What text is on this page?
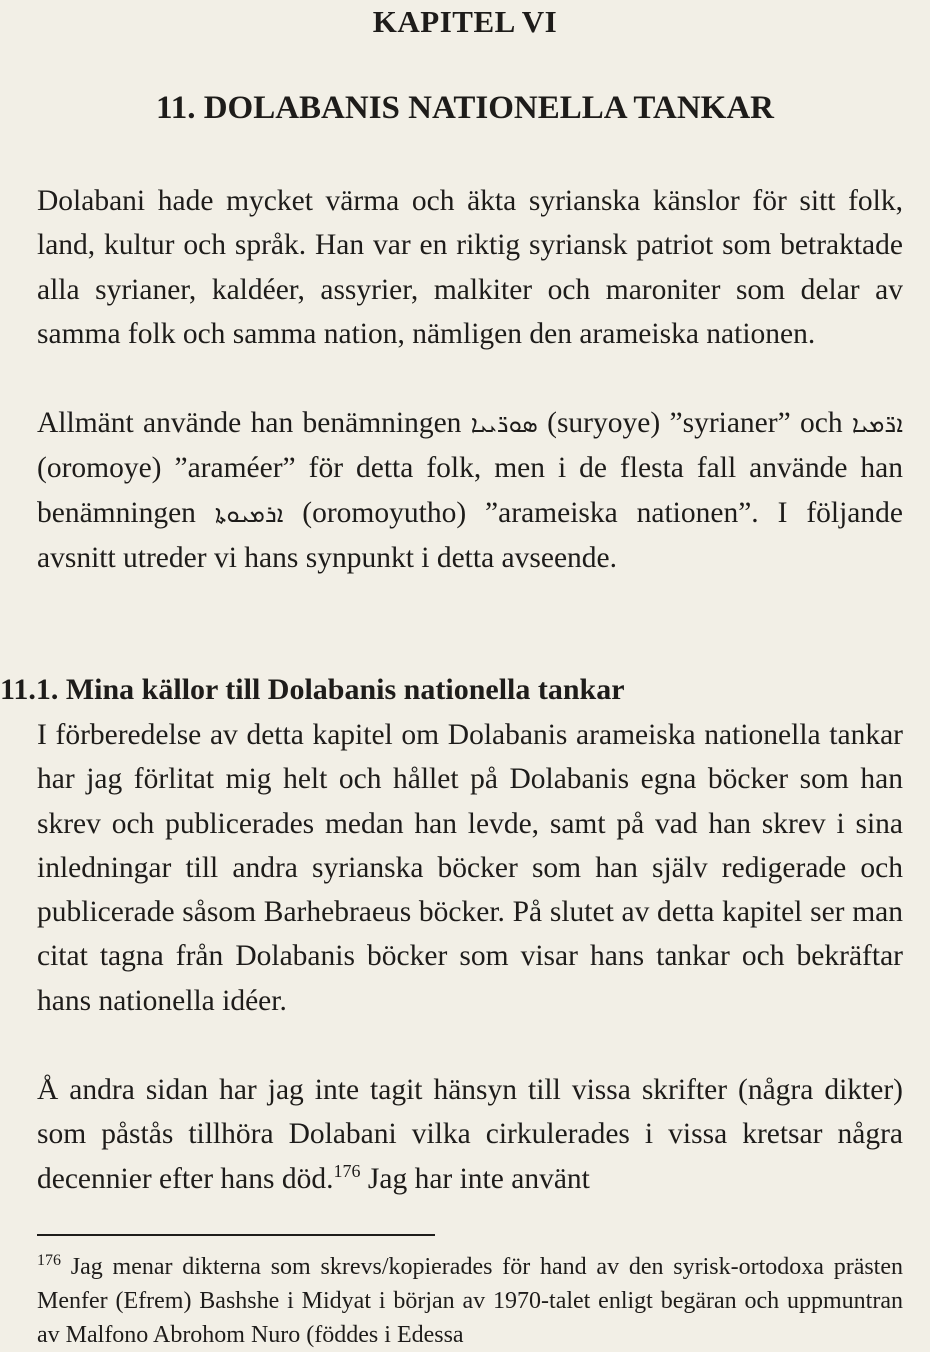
KAPITEL VI
11. DOLABANIS NATIONELLA TANKAR

Dolabani hade mycket värma och äkta syrianska känslor för sitt folk, land, kultur och språk. Han var en riktig syriansk patriot som betraktade alla syrianer, kaldéer, assyrier, malkiter och maroniter som delar av samma folk och samma nation, nämligen den arameiska nationen.

Allmänt använde han benämningen ܣܘܪ̈ܝܝܐ (suryoye) ”syrianer” och ܐܪ̈ܡܝܐ (oromoye) ”araméer” för detta folk, men i de flesta fall använde han benämningen ܐܪܡܝܘܬܐ (oromoyutho) ”arameiska nationen”. I följande avsnitt utreder vi hans synpunkt i detta avseende.

11.1. Mina källor till Dolabanis nationella tankar

I förberedelse av detta kapitel om Dolabanis arameiska nationella tankar har jag förlitat mig helt och hållet på Dolabanis egna böcker som han skrev och publicerades medan han levde, samt på vad han skrev i sina inledningar till andra syrianska böcker som han själv redigerade och publicerade såsom Barhebraeus böcker. På slutet av detta kapitel ser man citat tagna från Dolabanis böcker som visar hans tankar och bekräftar hans nationella idéer.

Å andra sidan har jag inte tagit hänsyn till vissa skrifter (några dikter) som påstås tillhöra Dolabani vilka cirkulerades i vissa kretsar några decennier efter hans död.$^{176}$ Jag har inte använt

$^{176}$ Jag menar dikterna som skrevs/kopierades för hand av den syrisk-ortodoxa prästen Menfer (Efrem) Bashshe i Midyat i början av 1970-talet enligt begäran och uppmuntran av Malfono Abrohom Nuro (föddes i Edessa
